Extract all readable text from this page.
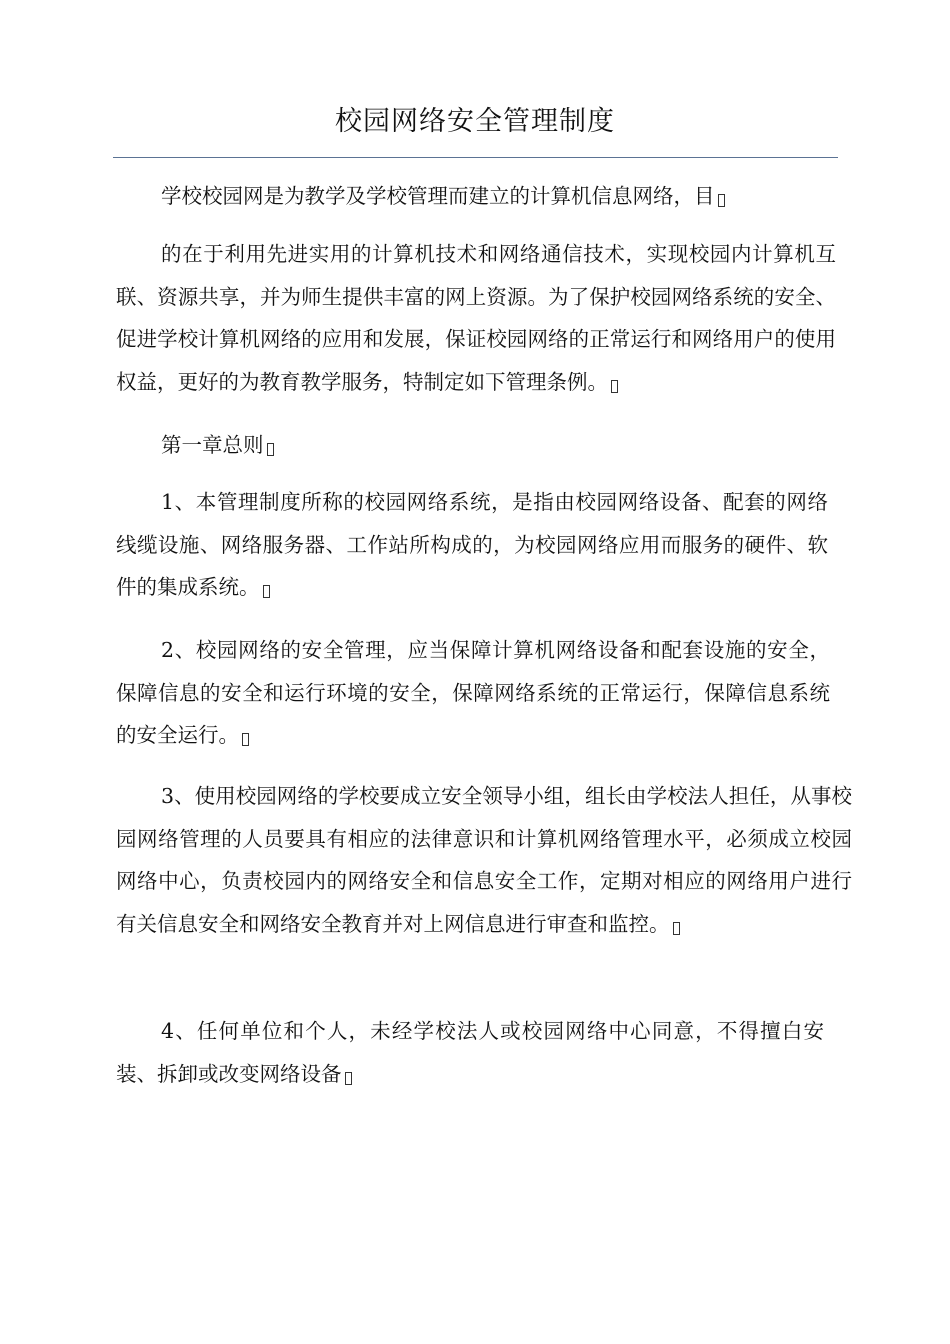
校园网络安全管理制度
学校校园网是为教学及学校管理而建立的计算机信息网络，目
的在于利用先进实用的计算机技术和网络通信技术，实现校园内计算机互联、资源共享，并为师生提供丰富的网上资源。为了保护校园网络系统的安全、促进学校计算机网络的应用和发展，保证校园网络的正常运行和网络用户的使用权益，更好的为教育教学服务，特制定如下管理条例。
第一章总则
1、本管理制度所称的校园网络系统，是指由校园网络设备、配套的网络线缆设施、网络服务器、工作站所构成的，为校园网络应用而服务的硬件、软件的集成系统。
2、校园网络的安全管理，应当保障计算机网络设备和配套设施的安全，保障信息的安全和运行环境的安全，保障网络系统的正常运行，保障信息系统的安全运行。
3、使用校园网络的学校要成立安全领导小组，组长由学校法人担任，从事校园网络管理的人员要具有相应的法律意识和计算机网络管理水平，必须成立校园网络中心，负责校园内的网络安全和信息安全工作，定期对相应的网络用户进行有关信息安全和网络安全教育并对上网信息进行审查和监控。
4、任何单位和个人，未经学校法人或校园网络中心同意，不得擅白安装、拆卸或改变网络设备
